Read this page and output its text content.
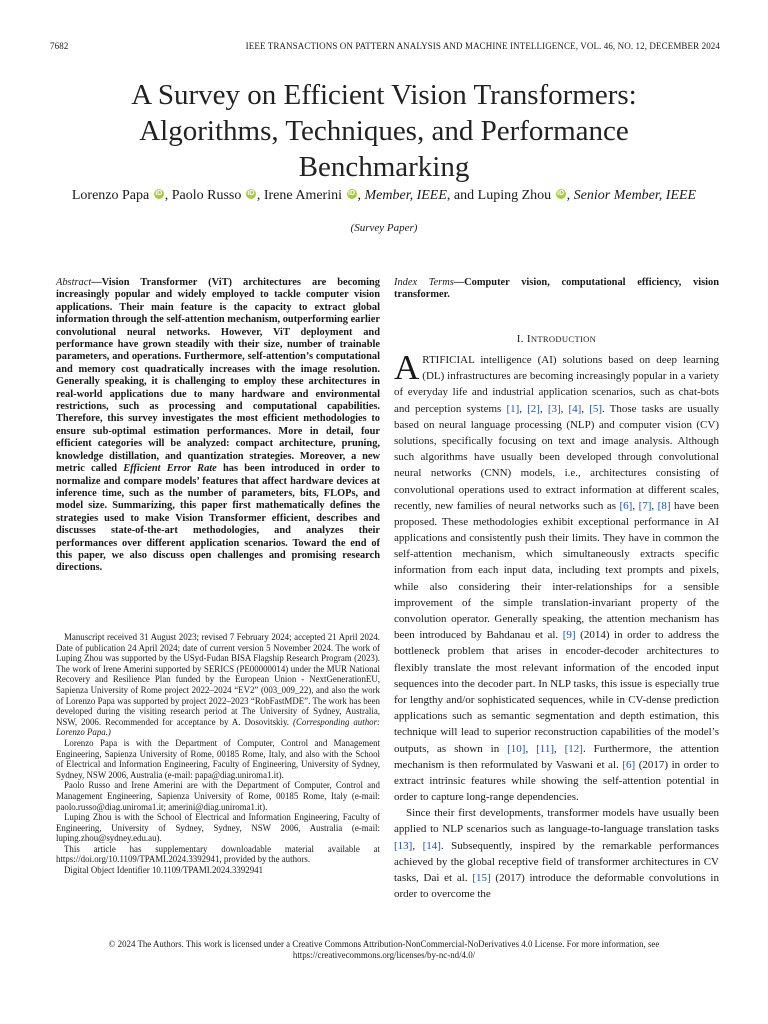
7682	IEEE TRANSACTIONS ON PATTERN ANALYSIS AND MACHINE INTELLIGENCE, VOL. 46, NO. 12, DECEMBER 2024
A Survey on Efficient Vision Transformers:
Algorithms, Techniques, and Performance
Benchmarking
Lorenzo Papa iD , Paolo Russo iD , Irene Amerini iD , Member, IEEE, and Luping Zhou iD , Senior Member, IEEE
(Survey Paper)
Abstract—Vision Transformer (ViT) architectures are becoming increasingly popular and widely employed to tackle computer vision applications. Their main feature is the capacity to extract global information through the self-attention mechanism, outperforming earlier convolutional neural networks. However, ViT deployment and performance have grown steadily with their size, number of trainable parameters, and operations. Furthermore, self-attention’s computational and memory cost quadratically increases with the image resolution. Generally speaking, it is challenging to employ these architectures in real-world applications due to many hardware and environmental restrictions, such as processing and computational capabilities. Therefore, this survey investigates the most efficient methodologies to ensure sub-optimal estimation performances. More in detail, four efficient categories will be analyzed: compact architecture, pruning, knowledge distillation, and quantization strategies. Moreover, a new metric called Efficient Error Rate has been introduced in order to normalize and compare models’ features that affect hardware devices at inference time, such as the number of parameters, bits, FLOPs, and model size. Summarizing, this paper first mathematically defines the strategies used to make Vision Transformer efficient, describes and discusses state-of-the-art methodologies, and analyzes their performances over different application scenarios. Toward the end of this paper, we also discuss open challenges and promising research directions.
Index Terms—Computer vision, computational efficiency, vision transformer.
I. INTRODUCTION

ARTIFICIAL intelligence (AI) solutions based on deep learning (DL) infrastructures are becoming increasingly popular in a variety of everyday life and industrial application scenarios, such as chat-bots and perception systems [1], [2], [3], [4], [5]. Those tasks are usually based on neural language processing (NLP) and computer vision (CV) solutions, specifically focusing on text and image analysis. Although such algorithms have usually been developed through convolutional neural networks (CNN) models, i.e., architectures consisting of convolutional operations used to extract information at different scales, recently, new families of neural networks such as [6], [7], [8] have been proposed. These methodologies exhibit exceptional performance in AI applications and consistently push their limits. They have in common the self-attention mechanism, which simultaneously extracts specific information from each input data, including text prompts and pixels, while also considering their inter-relationships for a sensible improvement of the simple translation-invariant property of the convolution operator. Generally speaking, the attention mechanism has been introduced by Bahdanau et al. [9] (2014) in order to address the bottleneck problem that arises in encoder-decoder architectures to flexibly translate the most relevant information of the encoded input sequences into the decoder part. In NLP tasks, this issue is especially true for lengthy and/or sophisticated sequences, while in CV-dense prediction applications such as semantic segmentation and depth estimation, this technique will lead to superior reconstruction capabilities of the model’s outputs, as shown in [10], [11], [12]. Furthermore, the attention mechanism is then reformulated by Vaswani et al. [6] (2017) in order to extract intrinsic features while showing the self-attention potential in order to capture long-range dependencies.

Since their first developments, transformer models have usually been applied to NLP scenarios such as language-to-language translation tasks [13], [14]. Subsequently, inspired by the remarkable performances achieved by the global receptive field of transformer architectures in CV tasks, Dai et al. [15] (2017) introduce the deformable convolutions in order to overcome the

Manuscript received 31 August 2023; revised 7 February 2024; accepted 21 April 2024. Date of publication 24 April 2024; date of current version 5 November 2024. The work of Luping Zhou was supported by the USyd-Fudan BISA Flagship Research Program (2023). The work of Irene Amerini supported by SERICS (PE00000014) under the MUR National Recovery and Resilience Plan funded by the European Union - NextGenerationEU, Sapienza University of Rome project 2022–2024 “EV2” (003_009_22), and also the work of Lorenzo Papa was supported by project 2022–2023 “RobFastMDE”. The work has been developed during the visiting research period at The University of Sydney, Australia, NSW, 2006. Recommended for acceptance by A. Dosovitskiy. (Corresponding author: Lorenzo Papa.)

Lorenzo Papa is with the Department of Computer, Control and Management Engineering, Sapienza University of Rome, 00185 Rome, Italy, and also with the School of Electrical and Information Engineering, Faculty of Engineering, University of Sydney, Sydney, NSW 2006, Australia (e-mail: papa@diag.uniroma1.it).

Paolo Russo and Irene Amerini are with the Department of Computer, Control and Management Engineering, Sapienza University of Rome, 00185 Rome, Italy (e-mail: paolo.russo@diag.uniroma1.it; amerini@diag.uniroma1.it).

Luping Zhou is with the School of Electrical and Information Engineering, Faculty of Engineering, University of Sydney, Sydney, NSW 2006, Australia (e-mail: luping.zhou@sydney.edu.au).

This article has supplementary downloadable material available at https://doi.org/10.1109/TPAMI.2024.3392941, provided by the authors.

Digital Object Identifier 10.1109/TPAMI.2024.3392941

© 2024 The Authors. This work is licensed under a Creative Commons Attribution-NonCommercial-NoDerivatives 4.0 License. For more information, see
https://creativecommons.org/licenses/by-nc-nd/4.0/
